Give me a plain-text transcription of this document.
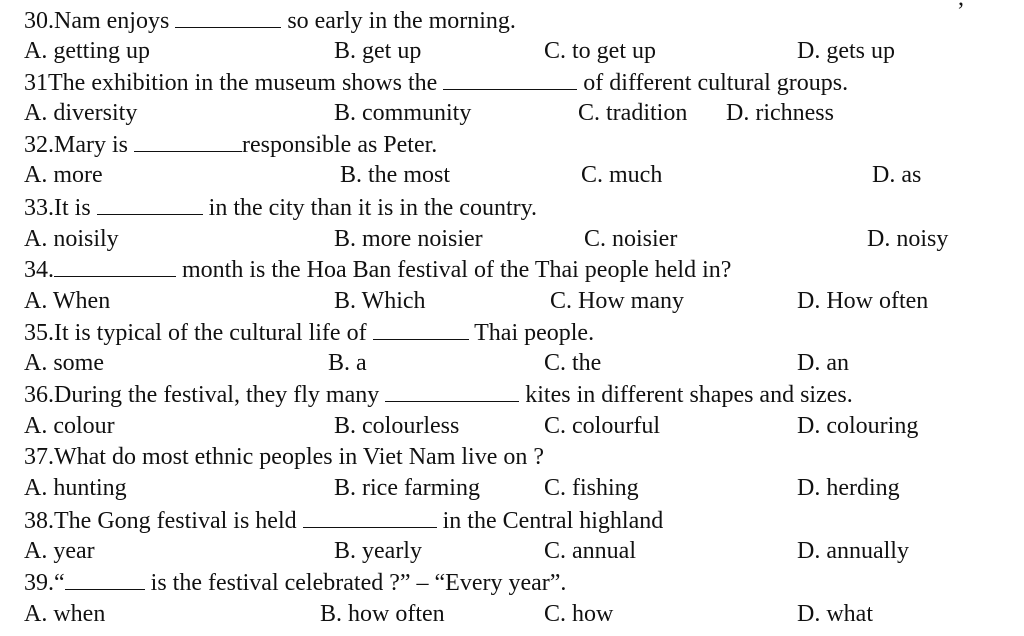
30.Nam enjoys	so early in the morning.
A. getting up	B. get up	C. to get up	D. gets up
31The exhibition in the museum shows the	of different cultural groups.
A. diversity	B. community	C. tradition D. richness
32.Mary is	responsible as Peter.
A. more	B. the most	C. much	D. as
33.It is	in the city than it is in the country.
A. noisily	B. more noisier	C. noisier	D. noisy
34.	month is the Hoa Ban festival of the Thai people held in?
A. When	B. Which	C. How many	D. How often
35.It is typical of the cultural life of	Thai people.
A. some	B. a	C. the	D. an
36.During the festival, they fly many	kites in different shapes and sizes.
A. colour	B. colourless	C. colourful	D. colouring
37.What do most ethnic peoples in Viet Nam live on ?
A. hunting	B. rice farming	C. fishing	D. herding
38.The Gong festival is held	in the Central highland
A. year	B. yearly	C. annual	D. annually
39.“	is the festival celebrated ?” – “Every year”.
A. when	B. how often	C. how	D. what
